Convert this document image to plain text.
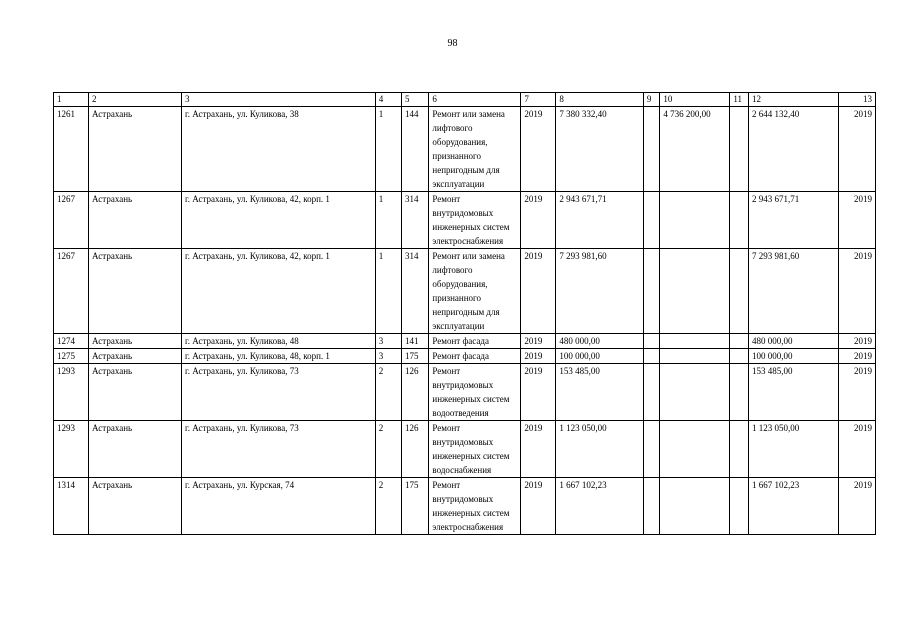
98
1	2	3	4	5	6	7	8	9	10	11	12	13
1261	Астрахань	г. Астрахань, ул. Куликова, 38	1	144	Ремонт или замена лифтового оборудования, признанного непригодным для эксплуатации	2019	7 380 332,40		4 736 200,00		2 644 132,40	2019
1267	Астрахань	г. Астрахань, ул. Куликова, 42, корп. 1	1	314	Ремонт внутридомовых инженерных систем электроснабжения	2019	2 943 671,71				2 943 671,71	2019
1267	Астрахань	г. Астрахань, ул. Куликова, 42, корп. 1	1	314	Ремонт или замена лифтового оборудования, признанного непригодным для эксплуатации	2019	7 293 981,60				7 293 981,60	2019
1274	Астрахань	г. Астрахань, ул. Куликова, 48	3	141	Ремонт фасада	2019	480 000,00				480 000,00	2019
1275	Астрахань	г. Астрахань, ул. Куликова, 48, корп. 1	3	175	Ремонт фасада	2019	100 000,00				100 000,00	2019
1293	Астрахань	г. Астрахань, ул. Куликова, 73	2	126	Ремонт внутридомовых инженерных систем водоотведения	2019	153 485,00				153 485,00	2019
1293	Астрахань	г. Астрахань, ул. Куликова, 73	2	126	Ремонт внутридомовых инженерных систем водоснабжения	2019	1 123 050,00				1 123 050,00	2019
1314	Астрахань	г. Астрахань, ул. Курская, 74	2	175	Ремонт внутридомовых инженерных систем электроснабжения	2019	1 667 102,23				1 667 102,23	2019
